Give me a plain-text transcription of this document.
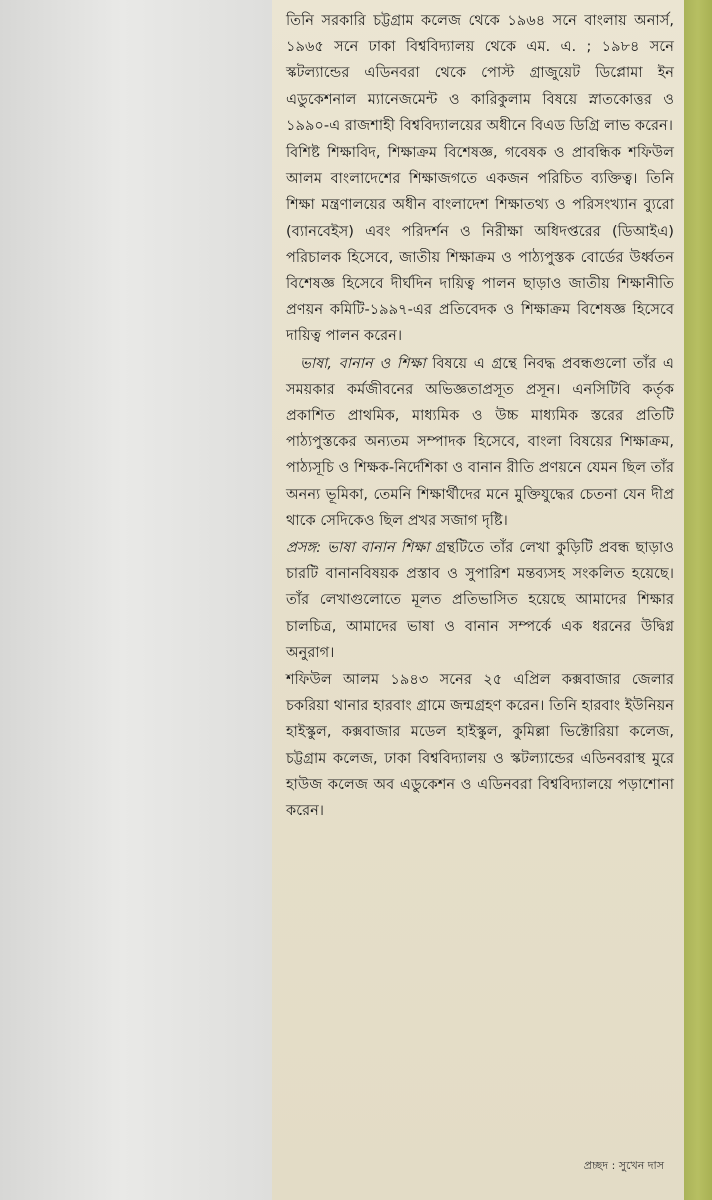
তিনি সরকারি চট্টগ্রাম কলেজ থেকে ১৯৬৪ সনে বাংলায় অনার্স, ১৯৬৫ সনে ঢাকা বিশ্ববিদ্যালয় থেকে এম. এ. ; ১৯৮৪ সনে স্কটল্যান্ডের এডিনবরা থেকে পোস্ট গ্রাজুয়েট ডিপ্লোমা ইন এডুকেশনাল ম্যানেজমেন্ট ও কারিকুলাম বিষয়ে স্নাতকোত্তর ও ১৯৯০-এ রাজশাহী বিশ্ববিদ্যালয়ের অধীনে বিএড ডিগ্রি লাভ করেন।

বিশিষ্ট শিক্ষাবিদ, শিক্ষাক্রম বিশেষজ্ঞ, গবেষক ও প্রাবন্ধিক শফিউল আলম বাংলাদেশের শিক্ষাজগতে একজন পরিচিত ব্যক্তিত্ব। তিনি শিক্ষা মন্ত্রণালয়ের অধীন বাংলাদেশ শিক্ষাতথ্য ও পরিসংখ্যান ব্যুরো (ব্যানবেইস) এবং পরিদর্শন ও নিরীক্ষা অধিদপ্তরের (ডিআইএ) পরিচালক হিসেবে, জাতীয় শিক্ষাক্রম ও পাঠ্যপুস্তক বোর্ডের উর্ধ্বতন বিশেষজ্ঞ হিসেবে দীর্ঘদিন দায়িত্ব পালন ছাড়াও জাতীয় শিক্ষানীতি প্রণয়ন কমিটি-১৯৯৭-এর প্রতিবেদক ও শিক্ষাক্রম বিশেষজ্ঞ হিসেবে দায়িত্ব পালন করেন।

ভাষা, বানান ও শিক্ষা বিষয়ে এ গ্রন্থে নিবদ্ধ প্রবন্ধগুলো তাঁর এ সময়কার কর্মজীবনের অভিজ্ঞতাপ্রসূত প্রসূন। এনসিটিবি কর্তৃক প্রকাশিত প্রাথমিক, মাধ্যমিক ও উচ্চ মাধ্যমিক স্তরের প্রতিটি পাঠ্যপুস্তকের অন্যতম সম্পাদক হিসেবে, বাংলা বিষয়ের শিক্ষাক্রম, পাঠ্যসূচি ও শিক্ষক-নির্দেশিকা ও বানান রীতি প্রণয়নে যেমন ছিল তাঁর অনন্য ভূমিকা, তেমনি শিক্ষার্থীদের মনে মুক্তিযুদ্ধের চেতনা যেন দীপ্র থাকে সেদিকেও ছিল প্রখর সজাগ দৃষ্টি।

প্রসঙ্গ: ভাষা বানান শিক্ষা গ্রন্থটিতে তাঁর লেখা কুড়িটি প্রবন্ধ ছাড়াও চারটি বানানবিষয়ক প্রস্তাব ও সুপারিশ মন্তব্যসহ সংকলিত হয়েছে। তাঁর লেখাগুলোতে মূলত প্রতিভাসিত হয়েছে আমাদের শিক্ষার চালচিত্র, আমাদের ভাষা ও বানান সম্পর্কে এক ধরনের উদ্বিগ্ন অনুরাগ।

শফিউল আলম ১৯৪৩ সনের ২৫ এপ্রিল কক্সবাজার জেলার চকরিয়া থানার হারবাং গ্রামে জন্মগ্রহণ করেন। তিনি হারবাং ইউনিয়ন হাইস্কুল, কক্সবাজার মডেল হাইস্কুল, কুমিল্লা ভিক্টোরিয়া কলেজ, চট্টগ্রাম কলেজ, ঢাকা বিশ্ববিদ্যালয় ও স্কটল্যান্ডের এডিনবরাস্থ মুরে হাউজ কলেজ অব এডুকেশন ও এডিনবরা বিশ্ববিদ্যালয়ে পড়াশোনা করেন।

প্রচ্ছদ : সুখেন দাস
